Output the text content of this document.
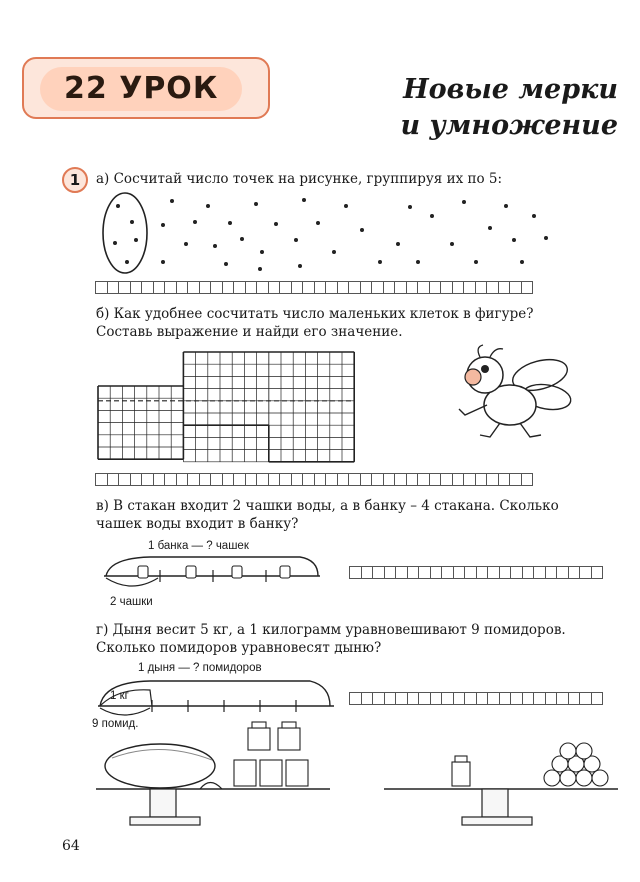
22 УРОК	Новые мерки
и умножение
1	а) Сосчитай число точек на рисунке, группируя их по 5:
б) Как удобнее сосчитать число маленьких клеток в фигуре?
Составь выражение и найди его значение.
в) В стакан входит 2 чашки воды, а в банку – 4 стакана. Сколько
чашек воды входит в банку?
1 банка — ? чашек
2 чашки
г) Дыня весит 5 кг, а 1 килограмм уравновешивают 9 помидоров.
Сколько помидоров уравновесят дыню?
1 дыня — ? помидоров
1 кг
9 помид.
64
